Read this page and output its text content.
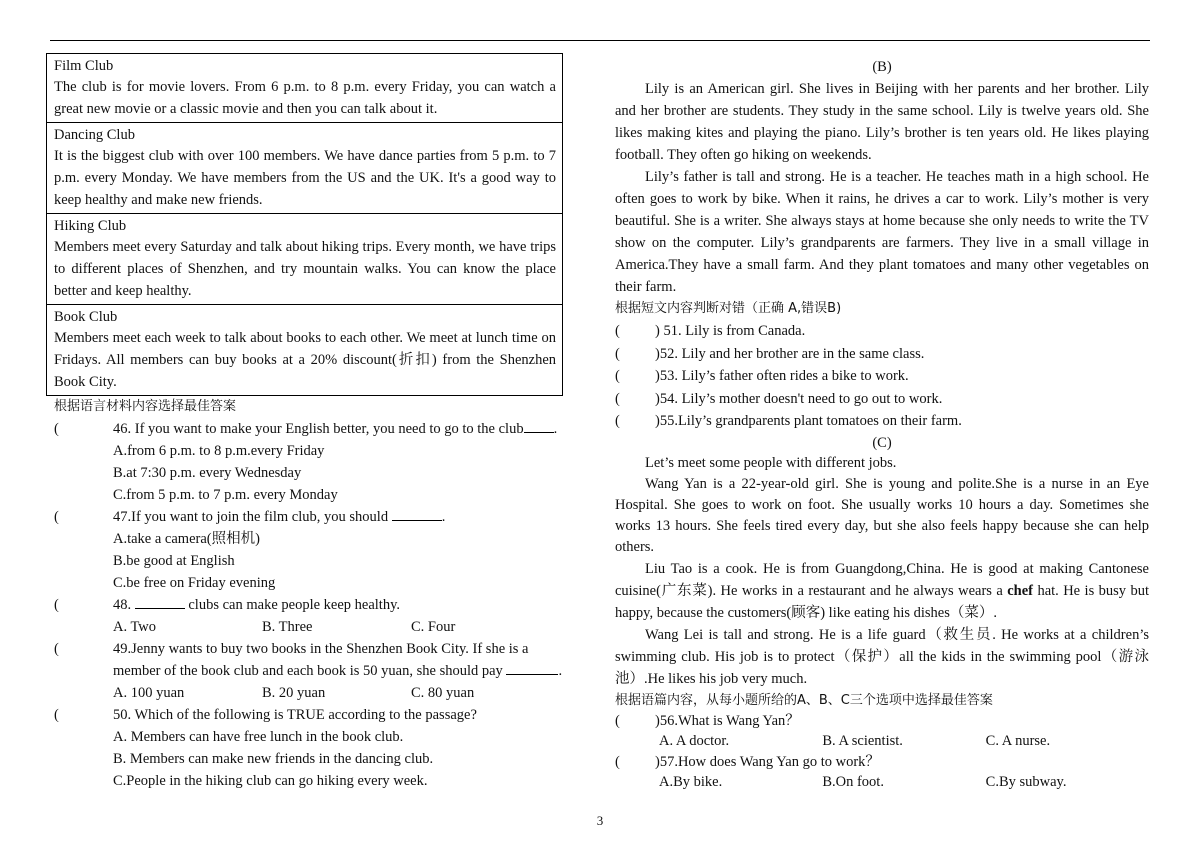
Film Club
The club is for movie lovers. From 6 p.m. to 8 p.m. every Friday, you can watch a great new movie or a classic movie and then you can talk about it.
Dancing Club
It is the biggest club with over 100 members. We have dance parties from 5 p.m. to 7 p.m. every Monday. We have members from the US and the UK. It's a good way to keep healthy and make new friends.
Hiking Club
Members meet every Saturday and talk about hiking trips. Every month, we have trips to different places of Shenzhen, and try mountain walks. You can know the place better and keep healthy.
Book Club
Members meet each week to talk about books to each other. We meet at lunch time on Fridays. All members can buy books at a 20% discount(折扣) from the Shenzhen Book City.
根据语言材料内容选择最佳答案
(	46. If you want to make your English better, you need to go to the club .
A.from 6 p.m. to 8 p.m.every Friday
B.at 7:30 p.m. every Wednesday
C.from 5 p.m. to 7 p.m. every Monday
(	47.If you want to join the film club, you should	.
A.take a camera(照相机)
B.be good at English
C.be free on Friday evening
(	48.	clubs can make people keep healthy.
A. Two	B. Three	C. Four
(	49.Jenny wants to buy two books in the Shenzhen Book City. If she is a member of the book club and each book is 50 yuan, she should pay	.
A. 100 yuan	B. 20 yuan	C. 80 yuan
(	50. Which of the following is TRUE according to the passage?
A. Members can have free lunch in the book club.
B. Members can make new friends in the dancing club.
C.People in the hiking club can go hiking every week.
(B)
Lily is an American girl. She lives in Beijing with her parents and her brother. Lily and her brother are students. They study in the same school. Lily is twelve years old. She likes making kites and playing the piano. Lily’s brother is ten years old. He likes playing football. They often go hiking on weekends.
Lily’s father is tall and strong. He is a teacher. He teaches math in a high school. He often goes to work by bike. When it rains, he drives a car to work. Lily’s mother is very beautiful. She is a writer. She always stays at home because she only needs to write the TV show on the computer. Lily’s grandparents are farmers. They live in a small village in America.They have a small farm. And they plant tomatoes and many other vegetables on their farm.
根据短文内容判断对错（正确 A,错误B)
( ) 51. Lily is from Canada.
( )52. Lily and her brother are in the same class.
( )53. Lily’s father often rides a bike to work.
( )54. Lily’s mother doesn't need to go out to work.
( )55.Lily’s grandparents plant tomatoes on their farm.
(C)
Let’s meet some people with different jobs.
Wang Yan is a 22-year-old girl. She is young and polite.She is a nurse in an Eye Hospital. She goes to work on foot. She usually works 10 hours a day. Sometimes she works 13 hours. She feels tired every day, but she also feels happy because she can help others.
Liu Tao is a cook. He is from Guangdong,China. He is good at making Cantonese cuisine(广东菜). He works in a restaurant and he always wears a chef hat. He is busy but happy, because the customers(顾客) like eating his dishes（菜）.
Wang Lei is tall and strong. He is a life guard（救生员. He works at a children’s swimming club. His job is to protect（保护）all the kids in the swimming pool（游泳池）.He likes his job very much.
根据语篇内容，从每小题所给的A、B、C三个选项中选择最佳答案
( )56.What is Wang Yan？
A. A doctor.	B. A scientist.	C. A nurse.
( )57.How does Wang Yan go to work？
A.By bike.	B.On foot.	C.By subway.
3
